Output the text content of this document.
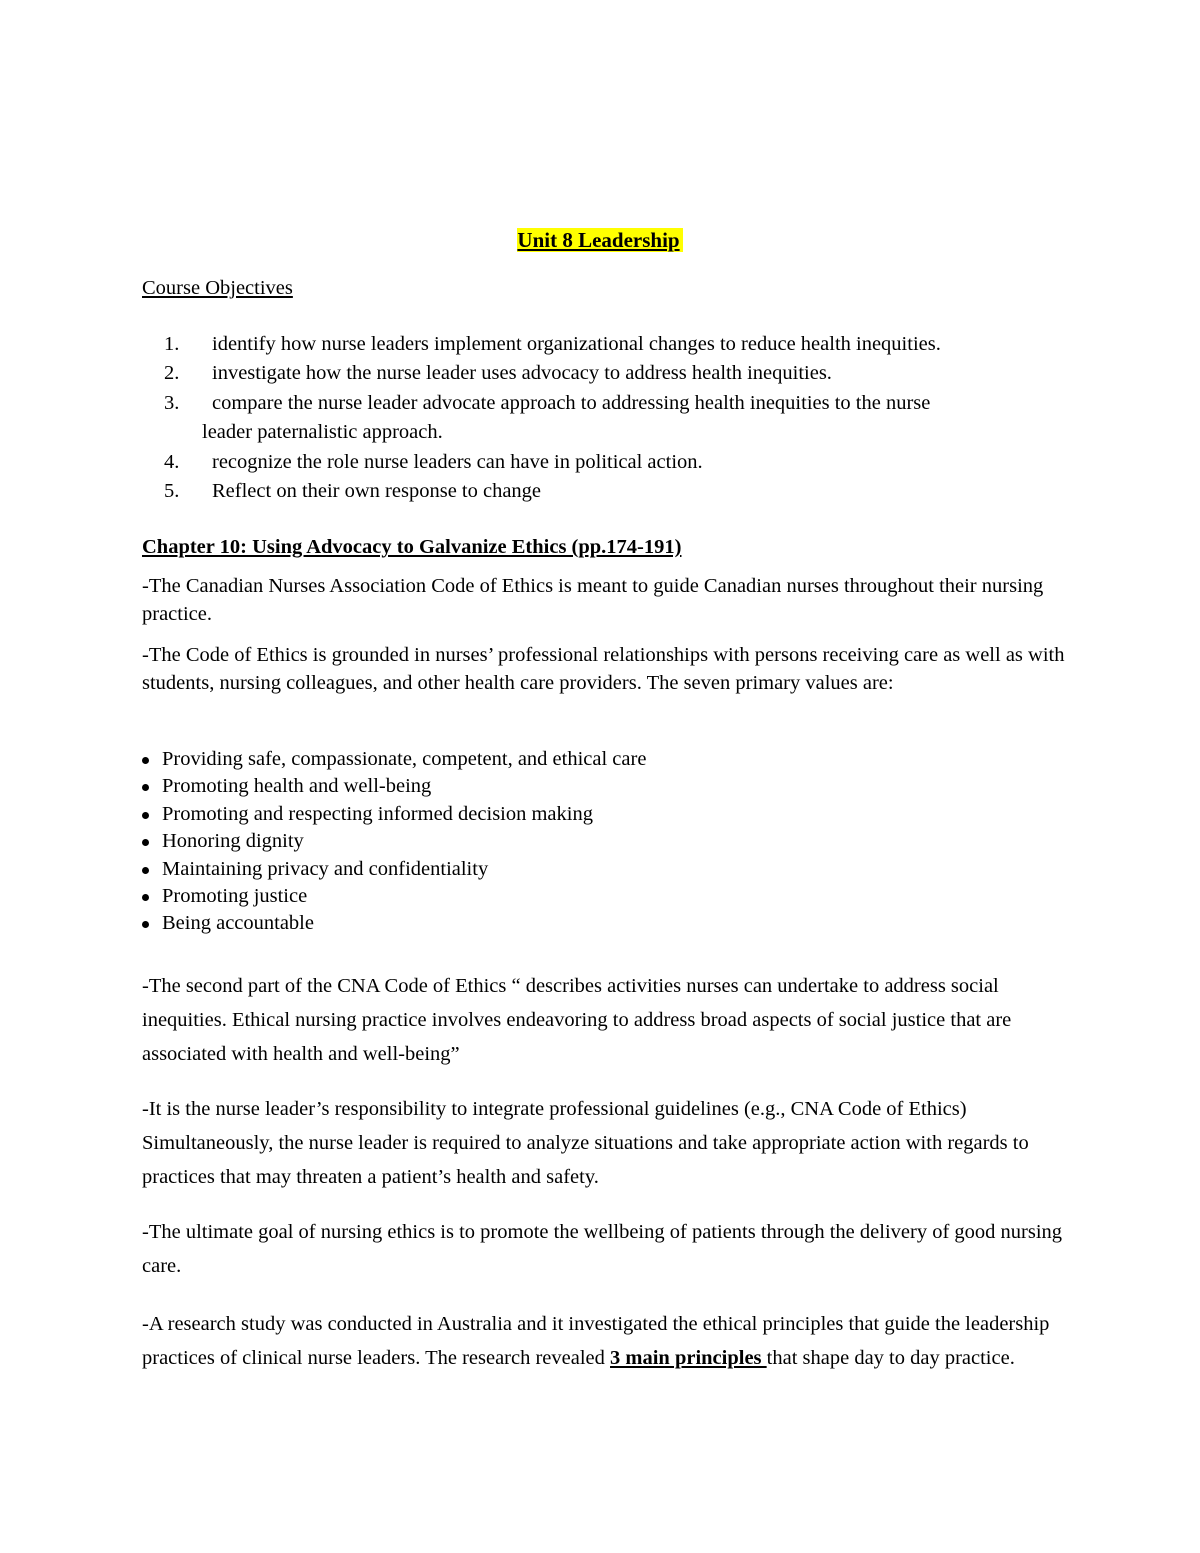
Unit 8 Leadership
Course Objectives
1. identify how nurse leaders implement organizational changes to reduce health inequities.
2. investigate how the nurse leader uses advocacy to address health inequities.
3. compare the nurse leader advocate approach to addressing health inequities to the nurse
leader paternalistic approach.
4. recognize the role nurse leaders can have in political action.
5. Reflect on their own response to change
Chapter 10: Using Advocacy to Galvanize Ethics (pp.174-191)
-The Canadian Nurses Association Code of Ethics is meant to guide Canadian nurses throughout their nursing practice.
-The Code of Ethics is grounded in nurses’ professional relationships with persons receiving care as well as with students, nursing colleagues, and other health care providers. The seven primary values are:
Providing safe, compassionate, competent, and ethical care
Promoting health and well-being
Promoting and respecting informed decision making
Honoring dignity
Maintaining privacy and confidentiality
Promoting justice
Being accountable
-The second part of the CNA Code of Ethics “ describes activities nurses can undertake to address social inequities. Ethical nursing practice involves endeavoring to address broad aspects of social justice that are associated with health and well-being”
-It is the nurse leader’s responsibility to integrate professional guidelines (e.g., CNA Code of Ethics) Simultaneously, the nurse leader is required to analyze situations and take appropriate action with regards to practices that may threaten a patient’s health and safety.
-The ultimate goal of nursing ethics is to promote the wellbeing of patients through the delivery of good nursing care.
-A research study was conducted in Australia and it investigated the ethical principles that guide the leadership practices of clinical nurse leaders. The research revealed 3 main principles that shape day to day practice.
